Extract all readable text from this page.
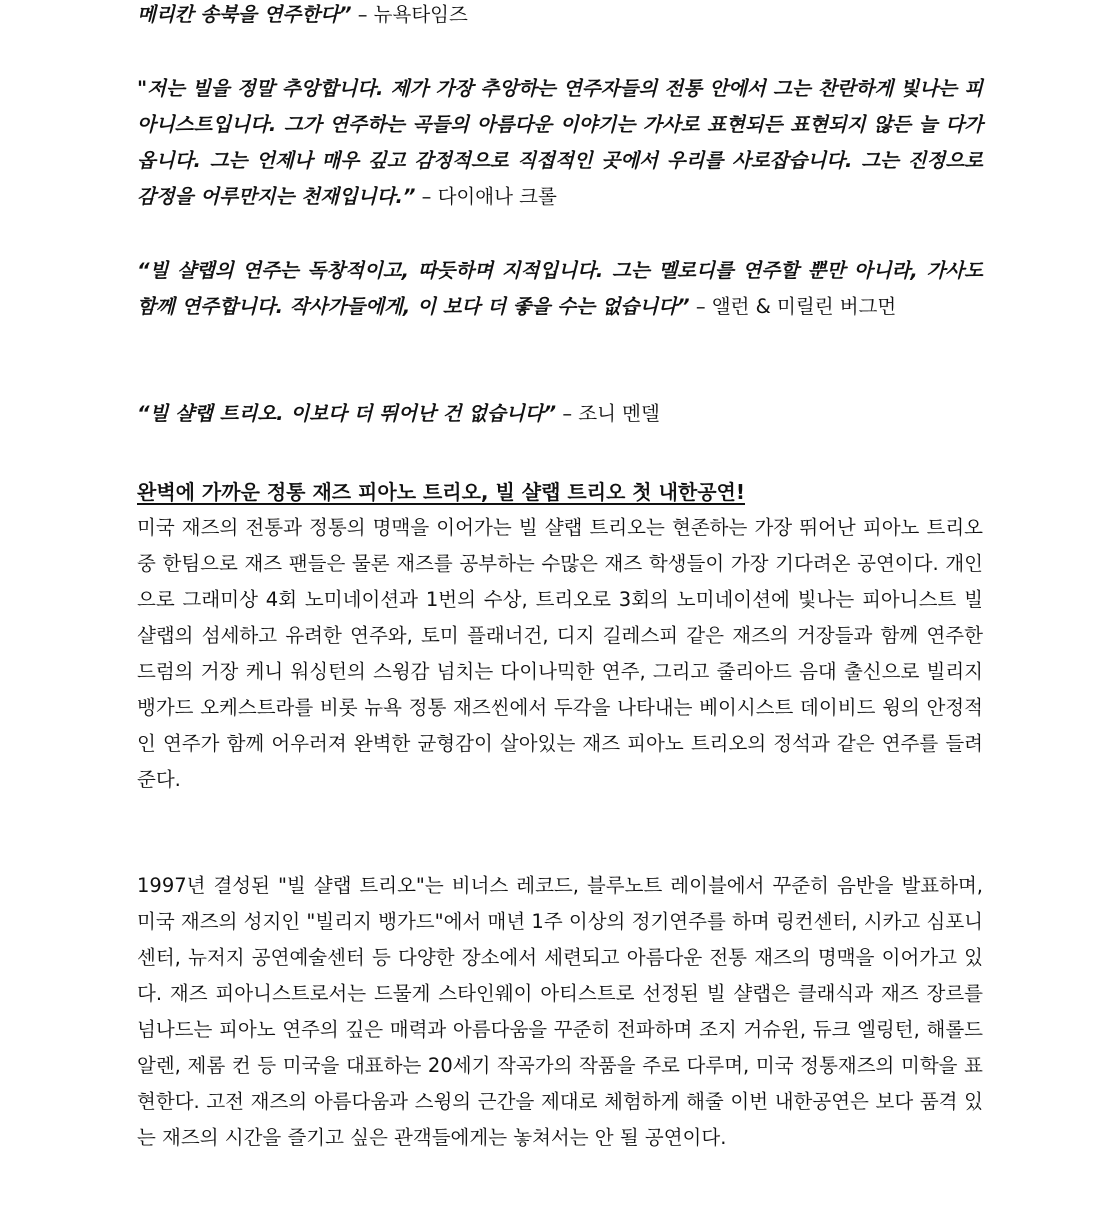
메리칸 송북을 연주한다” – 뉴욕타임즈

"저는 빌을 정말 추앙합니다. 제가 가장 추앙하는 연주자들의 전통 안에서 그는 찬란하게 빛나는 피아니스트입니다. 그가 연주하는 곡들의 아름다운 이야기는 가사로 표현되든 표현되지 않든 늘 다가옵니다. 그는 언제나 매우 깊고 감정적으로 직접적인 곳에서 우리를 사로잡습니다. 그는 진정으로 감정을 어루만지는 천재입니다.” – 다이애나 크롤

“빌 샬랩의 연주는 독창적이고, 따듯하며 지적입니다. 그는 멜로디를 연주할 뿐만 아니라, 가사도 함께 연주합니다. 작사가들에게, 이 보다 더 좋을 수는 없습니다” – 앨런 & 미릴린 버그먼

“빌 샬랩 트리오. 이보다 더 뛰어난 건 없습니다” – 조니 멘델

완벽에 가까운 정통 재즈 피아노 트리오, 빌 샬랩 트리오 첫 내한공연!

미국 재즈의 전통과 정통의 명맥을 이어가는 빌 샬랩 트리오는 현존하는 가장 뛰어난 피아노 트리오 중 한팀으로 재즈 팬들은 물론 재즈를 공부하는 수많은 재즈 학생들이 가장 기다려온 공연이다. 개인으로 그래미상 4회 노미네이션과 1번의 수상, 트리오로 3회의 노미네이션에 빛나는 피아니스트 빌 샬랩의 섬세하고 유려한 연주와, 토미 플래너건, 디지 길레스피 같은 재즈의 거장들과 함께 연주한 드럼의 거장 케니 워싱턴의 스윙감 넘치는 다이나믹한 연주, 그리고 줄리아드 음대 출신으로 빌리지 뱅가드 오케스트라를 비롯 뉴욕 정통 재즈씬에서 두각을 나타내는 베이시스트 데이비드 윙의 안정적인 연주가 함께 어우러져 완벽한 균형감이 살아있는 재즈 피아노 트리오의 정석과 같은 연주를 들려준다.

1997년 결성된 "빌 샬랩 트리오"는 비너스 레코드, 블루노트 레이블에서 꾸준히 음반을 발표하며, 미국 재즈의 성지인 "빌리지 뱅가드"에서 매년 1주 이상의 정기연주를 하며 링컨센터, 시카고 심포니 센터, 뉴저지 공연예술센터 등 다양한 장소에서 세련되고 아름다운 전통 재즈의 명맥을 이어가고 있다. 재즈 피아니스트로서는 드물게 스타인웨이 아티스트로 선정된 빌 샬랩은 클래식과 재즈 장르를 넘나드는 피아노 연주의 깊은 매력과 아름다움을 꾸준히 전파하며 조지 거슈윈, 듀크 엘링턴, 해롤드 알렌, 제롬 컨 등 미국을 대표하는 20세기 작곡가의 작품을 주로 다루며, 미국 정통재즈의 미학을 표현한다. 고전 재즈의 아름다움과 스윙의 근간을 제대로 체험하게 해줄 이번 내한공연은 보다 품격 있는 재즈의 시간을 즐기고 싶은 관객들에게는 놓쳐서는 안 될 공연이다.
